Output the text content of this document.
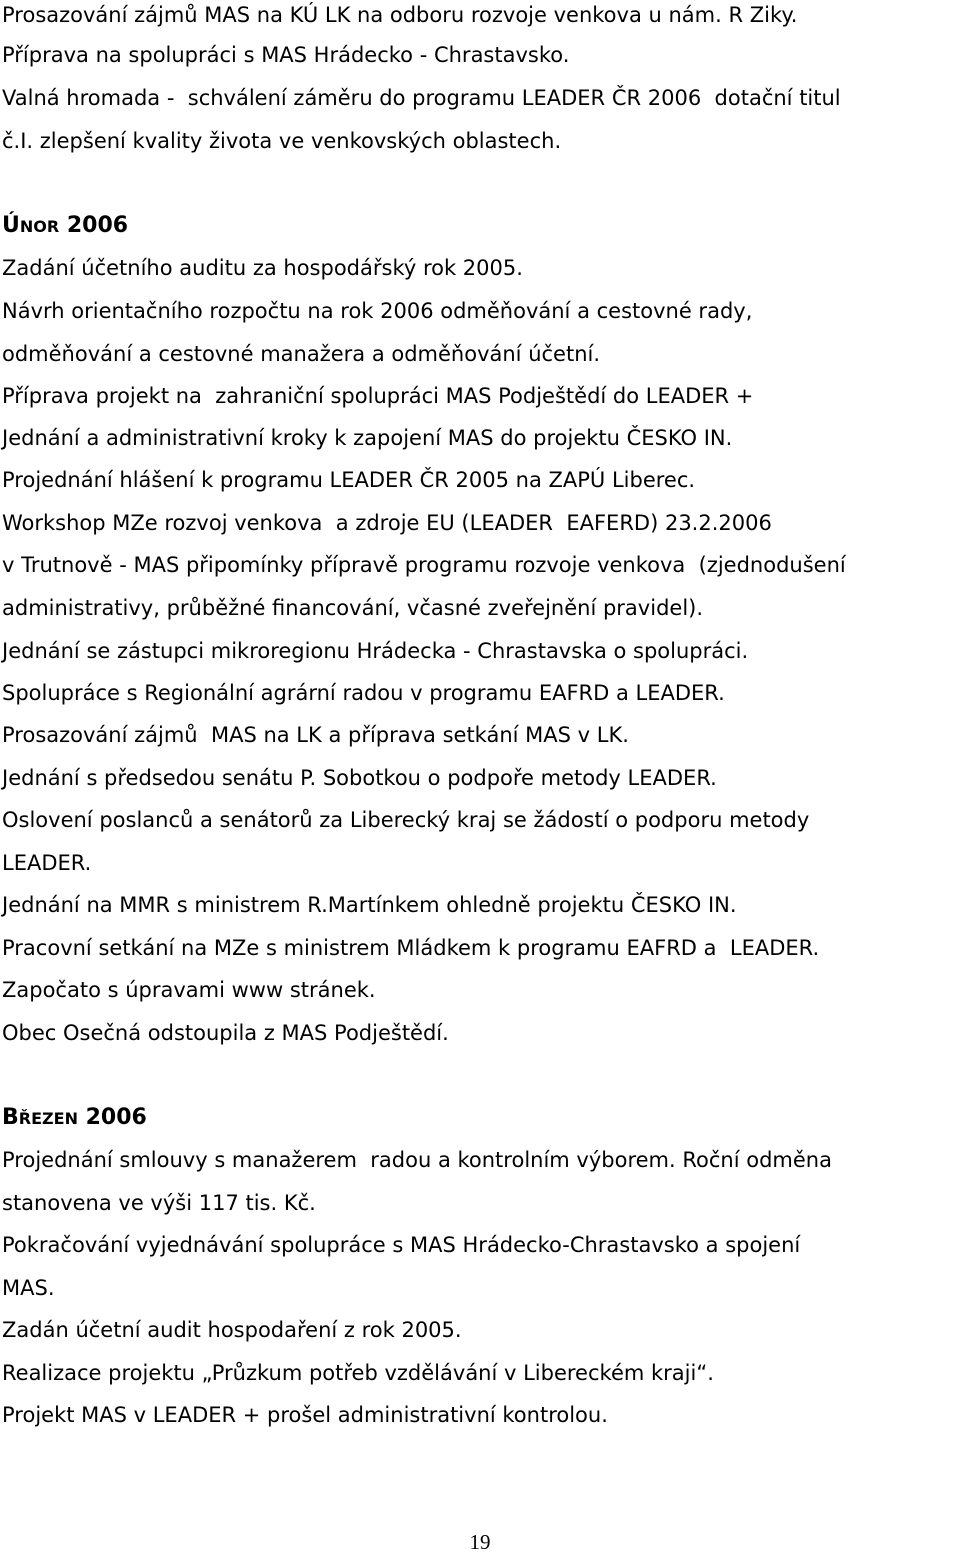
Prosazování zájmů MAS na KÚ LK na odboru rozvoje venkova u nám. R Ziky.
Příprava na spolupráci s MAS Hrádecko - Chrastavsko.
Valná hromada -  schválení záměru do programu LEADER ČR 2006  dotační titul
č.I. zlepšení kvality života ve venkovských oblastech.
ÚNOR 2006
Zadání účetního auditu za hospodářský rok 2005.
Návrh orientačního rozpočtu na rok 2006 odměňování a cestovné rady,
odměňování a cestovné manažera a odměňování účetní.
Příprava projekt na  zahraniční spolupráci MAS Podještědí do LEADER +
Jednání a administrativní kroky k zapojení MAS do projektu ČESKO IN.
Projednání hlášení k programu LEADER ČR 2005 na ZAPÚ Liberec.
Workshop MZe rozvoj venkova  a zdroje EU (LEADER  EAFERD) 23.2.2006
v Trutnově - MAS připomínky přípravě programu rozvoje venkova  (zjednodušení
administrativy, průběžné financování, včasné zveřejnění pravidel).
Jednání se zástupci mikroregionu Hrádecka - Chrastavska o spolupráci.
Spolupráce s Regionální agrární radou v programu EAFRD a LEADER.
Prosazování zájmů  MAS na LK a příprava setkání MAS v LK.
Jednání s předsedou senátu P. Sobotkou o podpoře metody LEADER.
Oslovení poslanců a senátorů za Liberecký kraj se žádostí o podporu metody
LEADER.
Jednání na MMR s ministrem R.Martínkem ohledně projektu ČESKO IN.
Pracovní setkání na MZe s ministrem Mládkem k programu EAFRD a  LEADER.
Započato s úpravami www stránek.
Obec Osečná odstoupila z MAS Podještědí.
BŘEZEN 2006
Projednání smlouvy s manažerem  radou a kontrolním výborem. Roční odměna
stanovena ve výši 117 tis. Kč.
Pokračování vyjednávání spolupráce s MAS Hrádecko-Chrastavsko a spojení
MAS.
Zadán účetní audit hospodaření z rok 2005.
Realizace projektu „Průzkum potřeb vzdělávání v Libereckém kraji“.
Projekt MAS v LEADER + prošel administrativní kontrolou.
19
